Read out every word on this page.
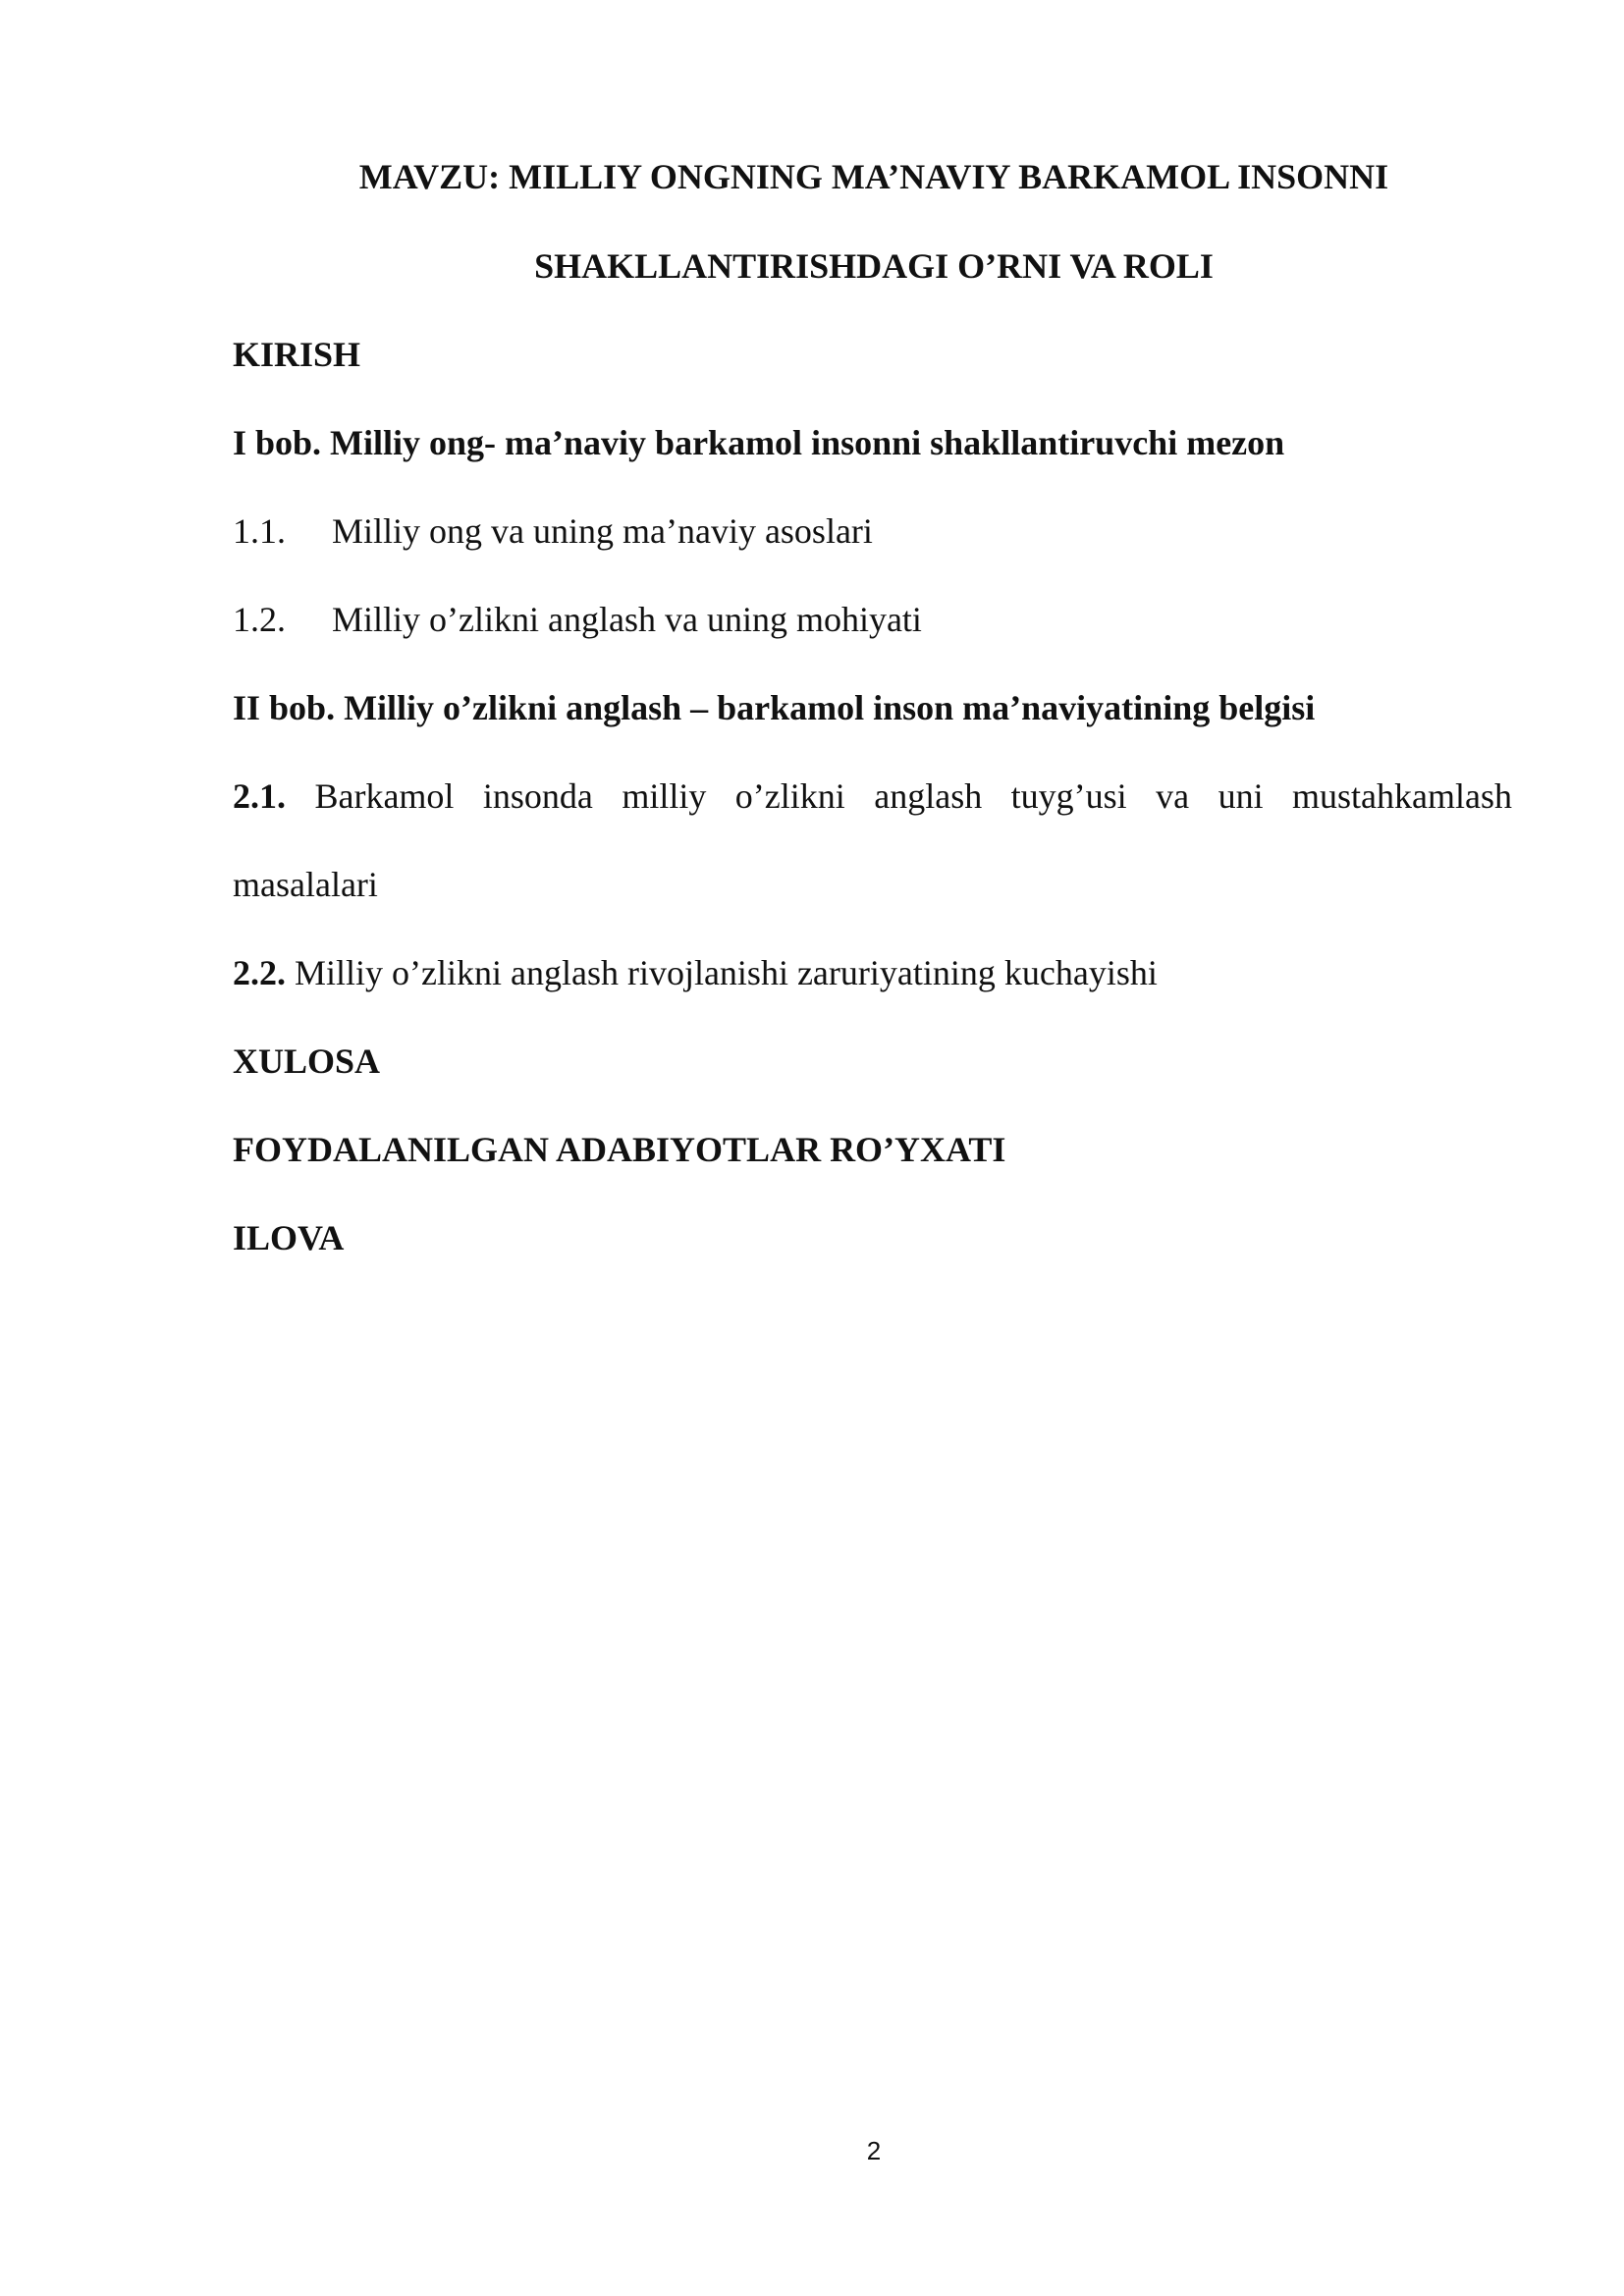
MAVZU: MILLIY ONGNING MA’NAVIY BARKAMOL INSONNI
SHAKLLANTIRISHDAGI O’RNI VA ROLI
KIRISH
I bob. Milliy ong- ma’naviy barkamol insonni shakllantiruvchi mezon
1.1. Milliy ong va uning ma’naviy asoslari
1.2. Milliy o’zlikni anglash va uning mohiyati
II bob. Milliy o’zlikni anglash – barkamol inson ma’naviyatining belgisi
2.1. Barkamol insonda milliy o’zlikni anglash tuyg’usi va uni mustahkamlash
masalalari
2.2. Milliy o’zlikni anglash rivojlanishi zaruriyatining kuchayishi
XULOSA
FOYDALANILGAN ADABIYOTLAR RO’YXATI
ILOVA
2
